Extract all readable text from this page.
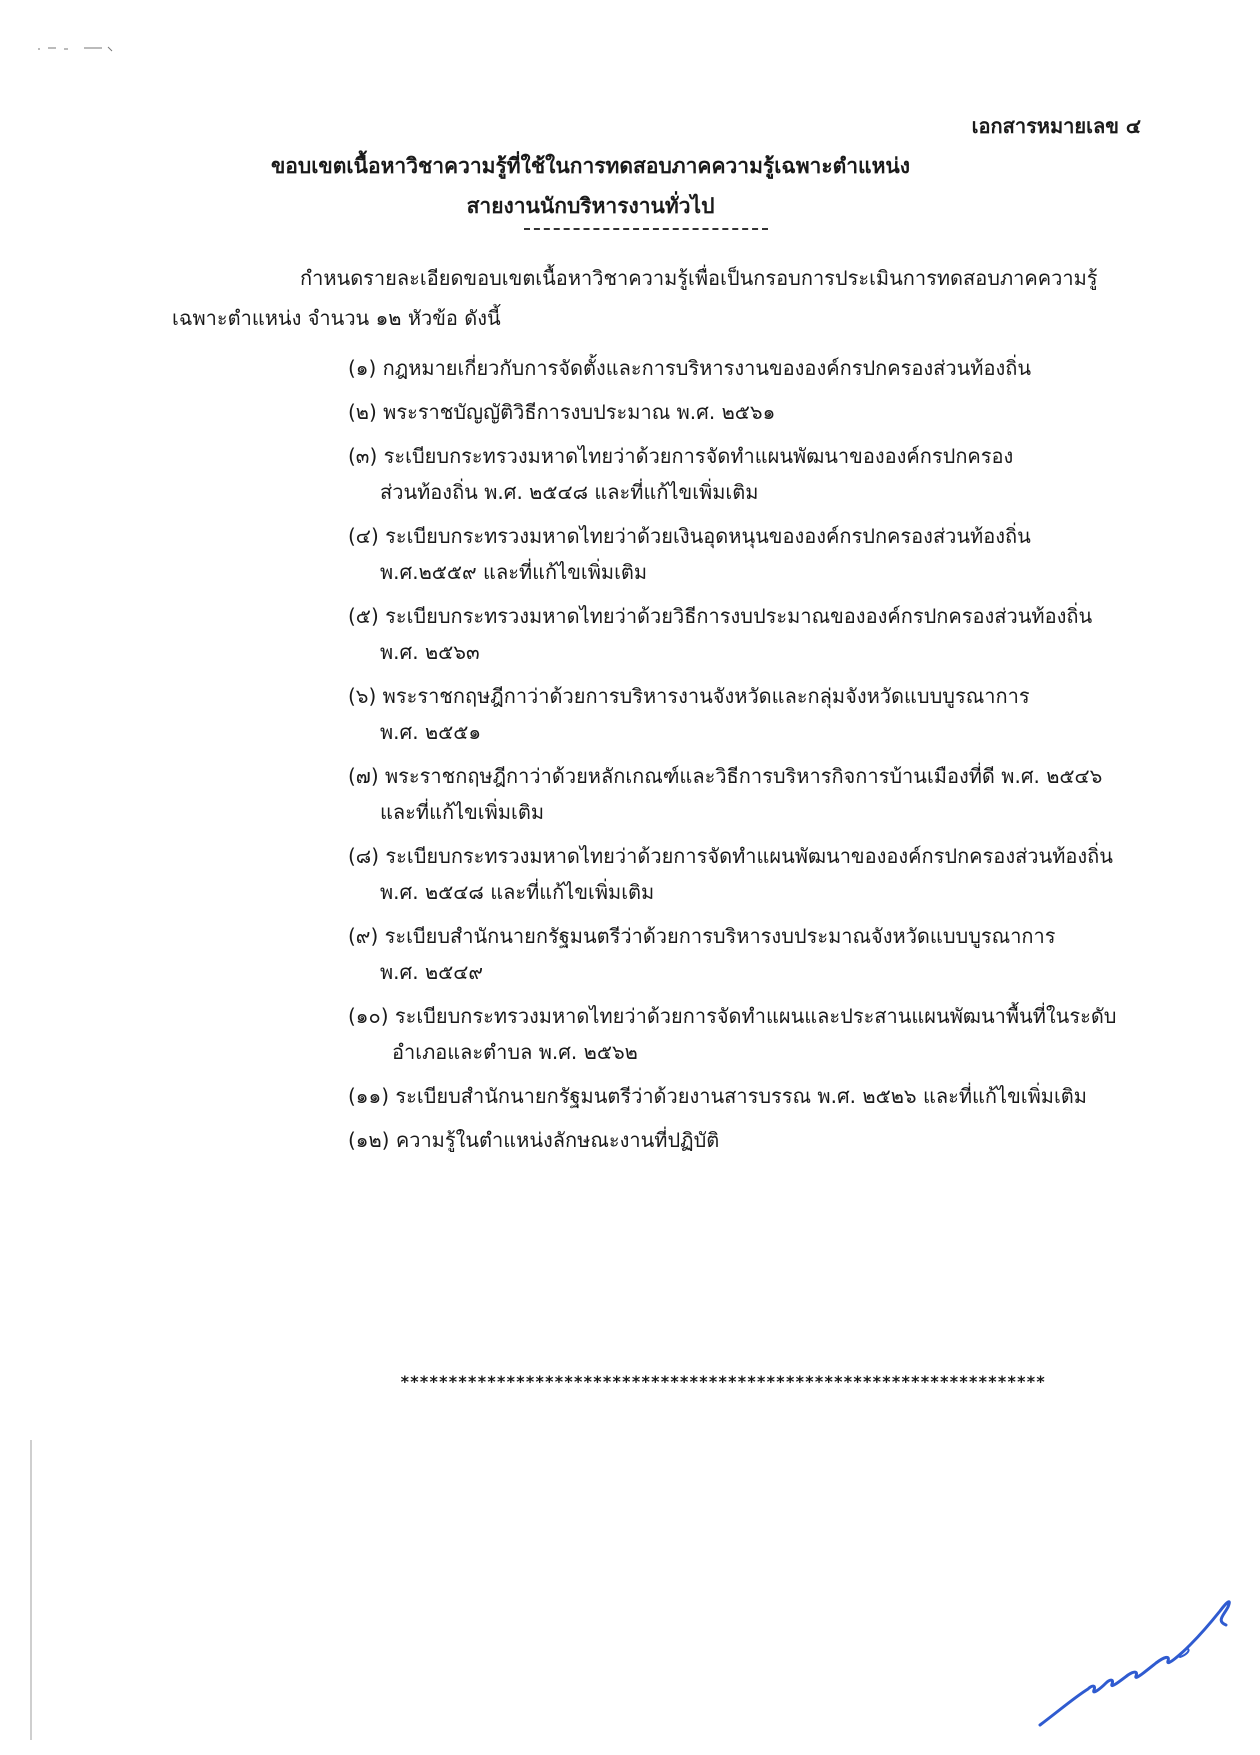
เอกสารหมายเลข ๔
ขอบเขตเนื้อหาวิชาความรู้ที่ใช้ในการทดสอบภาคความรู้เฉพาะตำแหน่ง
สายงานนักบริหารงานทั่วไป
กำหนดรายละเอียดขอบเขตเนื้อหาวิชาความรู้เพื่อเป็นกรอบการประเมินการทดสอบภาคความรู้
เฉพาะตำแหน่ง จำนวน ๑๒ หัวข้อ ดังนี้
(๑) กฎหมายเกี่ยวกับการจัดตั้งและการบริหารงานขององค์กรปกครองส่วนท้องถิ่น
(๒) พระราชบัญญัติวิธีการงบประมาณ พ.ศ. ๒๕๖๑
(๓) ระเบียบกระทรวงมหาดไทยว่าด้วยการจัดทำแผนพัฒนาขององค์กรปกครอง
ส่วนท้องถิ่น พ.ศ. ๒๕๔๘ และที่แก้ไขเพิ่มเติม
(๔) ระเบียบกระทรวงมหาดไทยว่าด้วยเงินอุดหนุนขององค์กรปกครองส่วนท้องถิ่น
พ.ศ.๒๕๕๙ และที่แก้ไขเพิ่มเติม
(๕) ระเบียบกระทรวงมหาดไทยว่าด้วยวิธีการงบประมาณขององค์กรปกครองส่วนท้องถิ่น
พ.ศ. ๒๕๖๓
(๖) พระราชกฤษฎีกาว่าด้วยการบริหารงานจังหวัดและกลุ่มจังหวัดแบบบูรณาการ
พ.ศ. ๒๕๕๑
(๗) พระราชกฤษฎีกาว่าด้วยหลักเกณฑ์และวิธีการบริหารกิจการบ้านเมืองที่ดี พ.ศ. ๒๕๔๖
และที่แก้ไขเพิ่มเติม
(๘) ระเบียบกระทรวงมหาดไทยว่าด้วยการจัดทำแผนพัฒนาขององค์กรปกครองส่วนท้องถิ่น
พ.ศ. ๒๕๔๘ และที่แก้ไขเพิ่มเติม
(๙) ระเบียบสำนักนายกรัฐมนตรีว่าด้วยการบริหารงบประมาณจังหวัดแบบบูรณาการ
พ.ศ. ๒๕๔๙
(๑๐) ระเบียบกระทรวงมหาดไทยว่าด้วยการจัดทำแผนและประสานแผนพัฒนาพื้นที่ในระดับ
อำเภอและตำบล พ.ศ. ๒๕๖๒
(๑๑) ระเบียบสำนักนายกรัฐมนตรีว่าด้วยงานสารบรรณ พ.ศ. ๒๕๒๖ และที่แก้ไขเพิ่มเติม
(๑๒) ความรู้ในตำแหน่งลักษณะงานที่ปฏิบัติ
*******************************************************************
